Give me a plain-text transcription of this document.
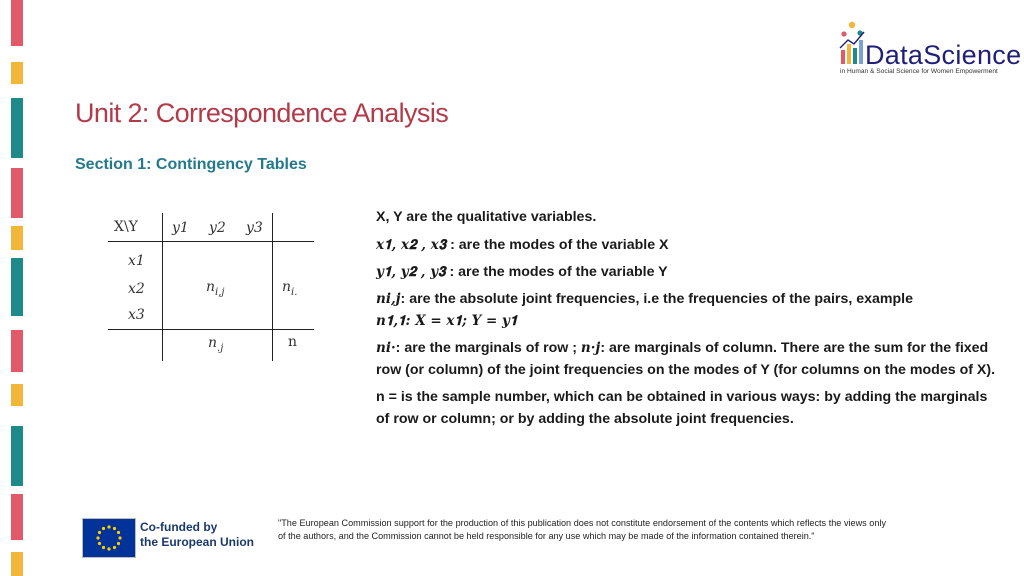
DataScience
in Human & Social Science for Women Empowerment
Unit 2: Correspondence Analysis
Section 1: Contingency Tables
X\Y y1 y2 y3
x1
x2
x3
$n_{i,j}$	$n_{i.}$
$n_{.j}$	n

X, Y are the qualitative variables.

𝒙𝟏, 𝒙𝟐 , 𝒙𝟑 : are the modes of the variable X

𝒚𝟏, 𝒚𝟐 , 𝒚𝟑 : are the modes of the variable Y

𝒏𝒊,𝒋: are the absolute joint frequencies, i.e the frequencies of the pairs, example
𝒏𝟏,𝟏: 𝑿 = 𝒙𝟏; 𝒀 = 𝒚𝟏

𝒏𝒊·: are the marginals of row ; 𝒏·𝒋: are marginals of column. There are the sum for the fixed row (or column) of the joint frequencies on the modes of Y (for columns on the modes of X).

n = is the sample number, which can be obtained in various ways: by adding the marginals of row or column; or by adding the absolute joint frequencies.

Co-funded by
the European Union
"The European Commission support for the production of this publication does not constitute endorsement of the contents which reflects the views only of the authors, and the Commission cannot be held responsible for any use which may be made of the information contained therein."
